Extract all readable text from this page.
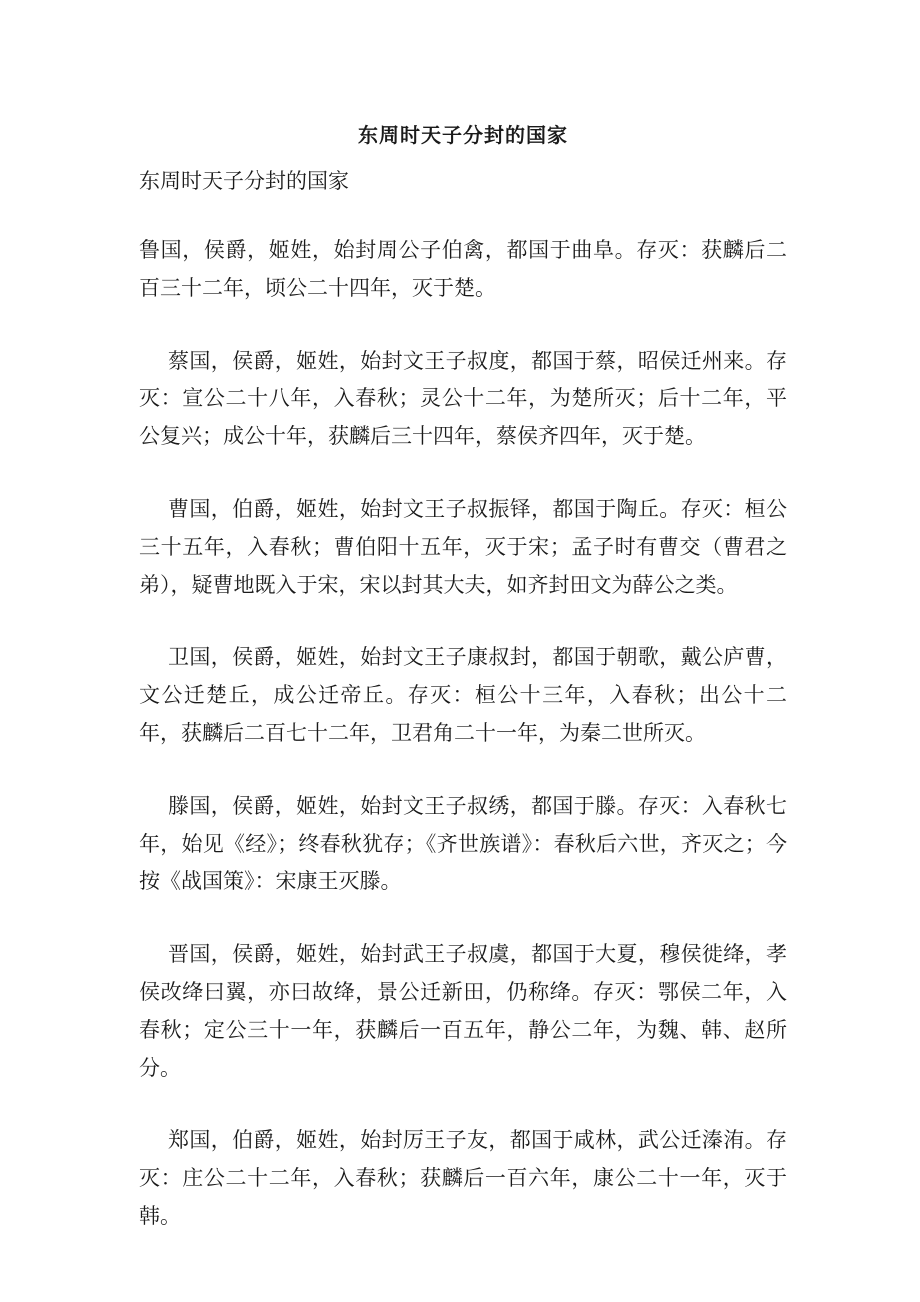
东周时天子分封的国家
东周时天子分封的国家

鲁国，侯爵，姬姓，始封周公子伯禽，都国于曲阜。存灭：获麟后二百三十二年，顷公二十四年，灭于楚。

蔡国，侯爵，姬姓，始封文王子叔度，都国于蔡，昭侯迁州来。存灭：宣公二十八年，入春秋；灵公十二年，为楚所灭；后十二年，平公复兴；成公十年，获麟后三十四年，蔡侯齐四年，灭于楚。

曹国，伯爵，姬姓，始封文王子叔振铎，都国于陶丘。存灭：桓公三十五年，入春秋；曹伯阳十五年，灭于宋；孟子时有曹交（曹君之弟），疑曹地既入于宋，宋以封其大夫，如齐封田文为薛公之类。

卫国，侯爵，姬姓，始封文王子康叔封，都国于朝歌，戴公庐曹，文公迁楚丘，成公迁帝丘。存灭：桓公十三年，入春秋；出公十二年，获麟后二百七十二年，卫君角二十一年，为秦二世所灭。

滕国，侯爵，姬姓，始封文王子叔绣，都国于滕。存灭：入春秋七年，始见《经》；终春秋犹存；《齐世族谱》：春秋后六世，齐灭之；今按《战国策》：宋康王灭滕。

晋国，侯爵，姬姓，始封武王子叔虞，都国于大夏，穆侯徙绛，孝侯改绛曰翼，亦曰故绛，景公迁新田，仍称绛。存灭：鄂侯二年，入春秋；定公三十一年，获麟后一百五年，静公二年，为魏、韩、赵所分。

郑国，伯爵，姬姓，始封厉王子友，都国于咸林，武公迁溱洧。存灭：庄公二十二年，入春秋；获麟后一百六年，康公二十一年，灭于韩。
